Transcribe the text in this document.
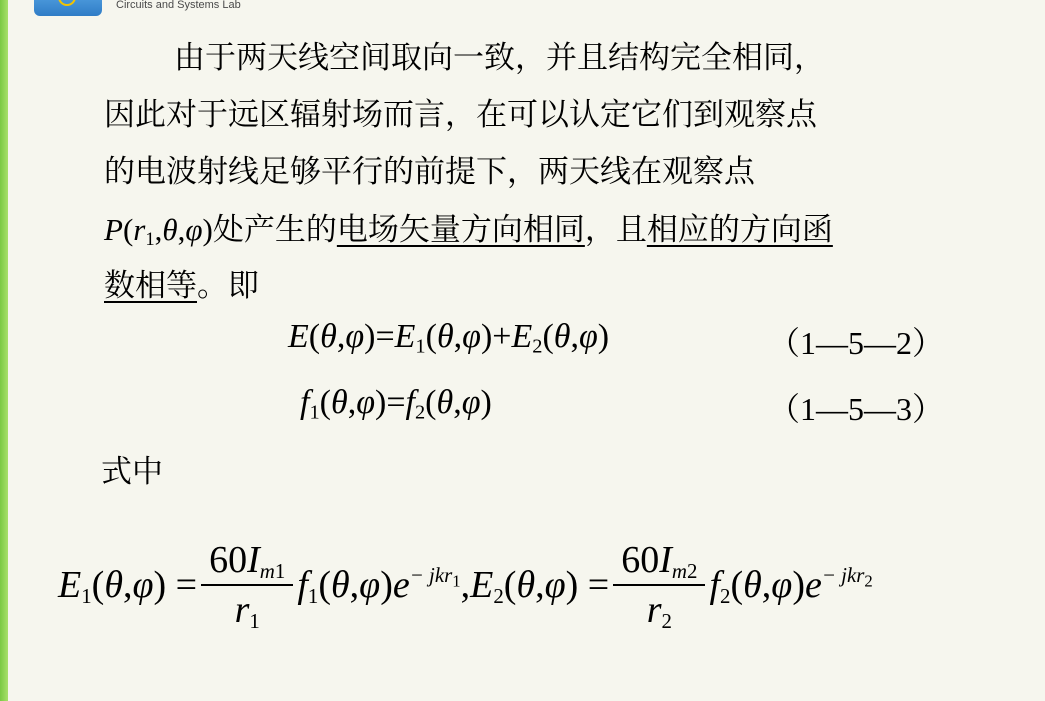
Circuits and Systems Lab
由于两天线空间取向一致，并且结构完全相同，
因此对于远区辐射场而言，在可以认定它们到观察点
的电波射线足够平行的前提下，两天线在观察点
$P(r_1,\theta,\varphi)$处产生的电场矢量方向相同，且相应的方向函
数相等。即
$E(\theta,\varphi)=E_1(\theta,\varphi)+E_2(\theta,\varphi)$	（1—5—2）
$f_1(\theta,\varphi)=f_2(\theta,\varphi)$	（1—5—3）
式中
$E_1(\theta,\varphi) = \frac{60I_{m1}}{r_1} f_1(\theta,\varphi)e^{- jkr_1},E_2(\theta,\varphi) = \frac{60I_{m2}}{r_2} f_2(\theta,\varphi)e^{- jkr_2}$
